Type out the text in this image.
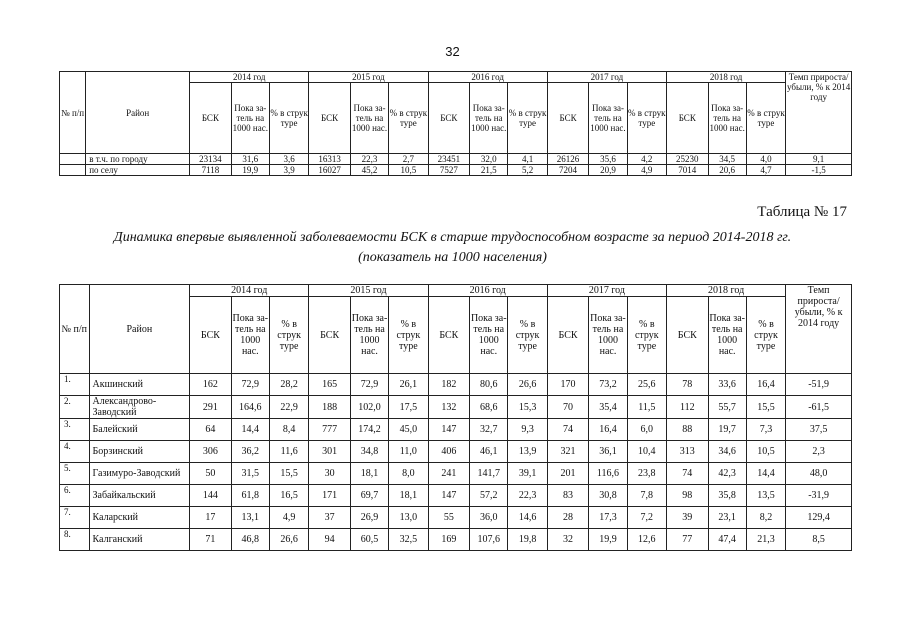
32
№ п/п	Район	2014 год			2015 год			2016 год			2017 год			2018 год			Темп прироста/ убыли, % к 2014 году
		БСК	Пока за-тель на 1000 нас.	% в струк туре	БСК	Пока за-тель на 1000 нас.	% в струк туре	БСК	Пока за-тель на 1000 нас.	% в струк туре	БСК	Пока за-тель на 1000 нас.	% в струк туре	БСК	Пока за-тель на 1000 нас.	% в струк туре	
	в т.ч. по городу	23134	31,6	3,6	16313	22,3	2,7	23451	32,0	4,1	26126	35,6	4,2	25230	34,5	4,0	9,1
	по селу	7118	19,9	3,9	16027	45,2	10,5	7527	21,5	5,2	7204	20,9	4,9	7014	20,6	4,7	-1,5
Таблица № 17
Динамика впервые выявленной заболеваемости БСК в старше трудоспособном возрасте за период 2014-2018 гг.
(показатель на 1000 населения)
№ п/п	Район	2014 год			2015 год			2016 год			2017 год			2018 год			Темп прироста/ убыли, % к 2014 году
		БСК	Пока за-тель на 1000 нас.	% в струк туре	БСК	Пока за-тель на 1000 нас.	% в струк туре	БСК	Пока за-тель на 1000 нас.	% в струк туре	БСК	Пока за-тель на 1000 нас.	% в струк туре	БСК	Пока за-тель на 1000 нас.	% в струк туре	
1.	Акшинский	162	72,9	28,2	165	72,9	26,1	182	80,6	26,6	170	73,2	25,6	78	33,6	16,4	-51,9
2.	Александрово-Заводский	291	164,6	22,9	188	102,0	17,5	132	68,6	15,3	70	35,4	11,5	112	55,7	15,5	-61,5
3.	Балейский	64	14,4	8,4	777	174,2	45,0	147	32,7	9,3	74	16,4	6,0	88	19,7	7,3	37,5
4.	Борзинский	306	36,2	11,6	301	34,8	11,0	406	46,1	13,9	321	36,1	10,4	313	34,6	10,5	2,3
5.	Газимуро-Заводский	50	31,5	15,5	30	18,1	8,0	241	141,7	39,1	201	116,6	23,8	74	42,3	14,4	48,0
6.	Забайкальский	144	61,8	16,5	171	69,7	18,1	147	57,2	22,3	83	30,8	7,8	98	35,8	13,5	-31,9
7.	Каларский	17	13,1	4,9	37	26,9	13,0	55	36,0	14,6	28	17,3	7,2	39	23,1	8,2	129,4
8.	Калганский	71	46,8	26,6	94	60,5	32,5	169	107,6	19,8	32	19,9	12,6	77	47,4	21,3	8,5
